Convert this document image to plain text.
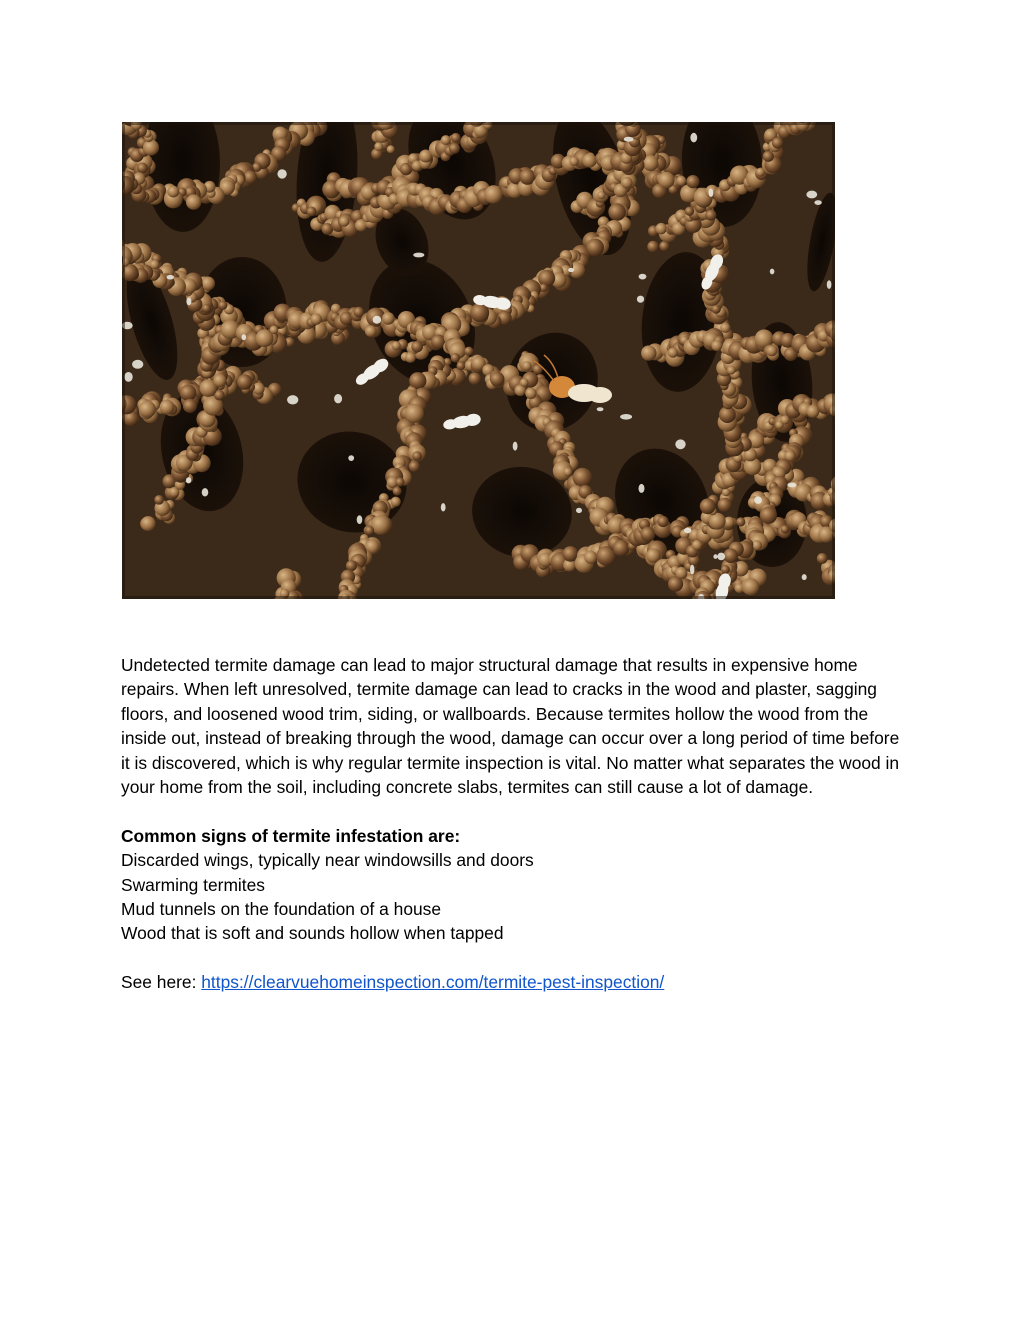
Undetected termite damage can lead to major structural damage that results in expensive home repairs. When left unresolved, termite damage can lead to cracks in the wood and plaster, sagging floors, and loosened wood trim, siding, or wallboards. Because termites hollow the wood from the inside out, instead of breaking through the wood, damage can occur over a long period of time before it is discovered, which is why regular termite inspection is vital. No matter what separates the wood in your home from the soil, including concrete slabs, termites can still cause a lot of damage.

Common signs of termite infestation are:

Discarded wings, typically near windowsills and doors

Swarming termites

Mud tunnels on the foundation of a house

Wood that is soft and sounds hollow when tapped

See here: https://clearvuehomeinspection.com/termite-pest-inspection/
